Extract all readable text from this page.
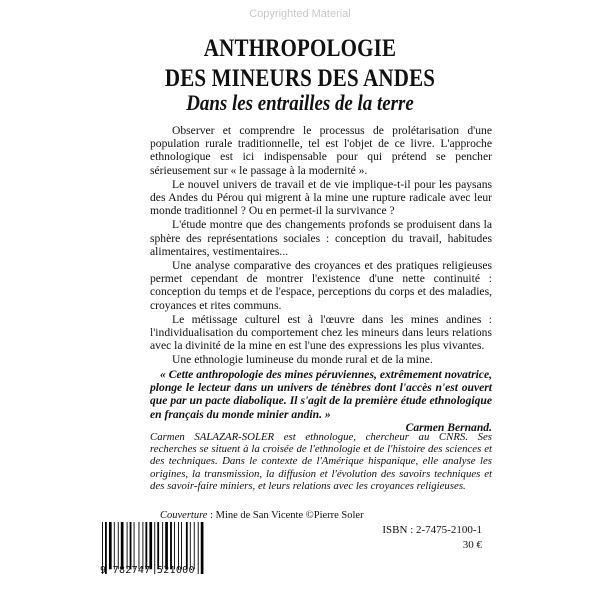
Copyrighted Material
ANTHROPOLOGIE
DES MINEURS DES ANDES
Dans les entrailles de la terre

Observer et comprendre le processus de prolétarisation d'une population rurale traditionnelle, tel est l'objet de ce livre. L'approche ethnologique est ici indispensable pour qui prétend se pencher sérieusement sur « le passage à la modernité ».

Le nouvel univers de travail et de vie implique-t-il pour les paysans des Andes du Pérou qui migrent à la mine une rupture radicale avec leur monde traditionnel ? Ou en permet-il la survivance ?

L'étude montre que des changements profonds se produisent dans la sphère des représentations sociales : conception du travail, habitudes alimentaires, vestimentaires...

Une analyse comparative des croyances et des pratiques religieuses permet cependant de montrer l'existence d'une nette continuité : conception du temps et de l'espace, perceptions du corps et des maladies, croyances et rites communs.

Le métissage culturel est à l'œuvre dans les mines andines : l'individualisation du comportement chez les mineurs dans leurs relations avec la divinité de la mine en est l'une des expressions les plus vivantes.

Une ethnologie lumineuse du monde rural et de la mine.

« Cette anthropologie des mines péruviennes, extrêmement novatrice, plonge le lecteur dans un univers de ténèbres dont l'accès n'est ouvert que par un pacte diabolique. Il s'agit de la première étude ethnologique en français du monde minier andin. »
Carmen Bernand.
Carmen SALAZAR-SOLER est ethnologue, chercheur au CNRS. Ses recherches se situent à la croisée de l'ethnologie et de l'histoire des sciences et des techniques. Dans le contexte de l'Amérique hispanique, elle analyse les origines, la transmission, la diffusion et l'évolution des savoirs techniques et des savoir-faire miniers, et leurs relations avec les croyances religieuses.
Couverture : Mine de San Vicente ©Pierre Soler
9 782747 521000
ISBN : 2-7475-2100-1
30 €
